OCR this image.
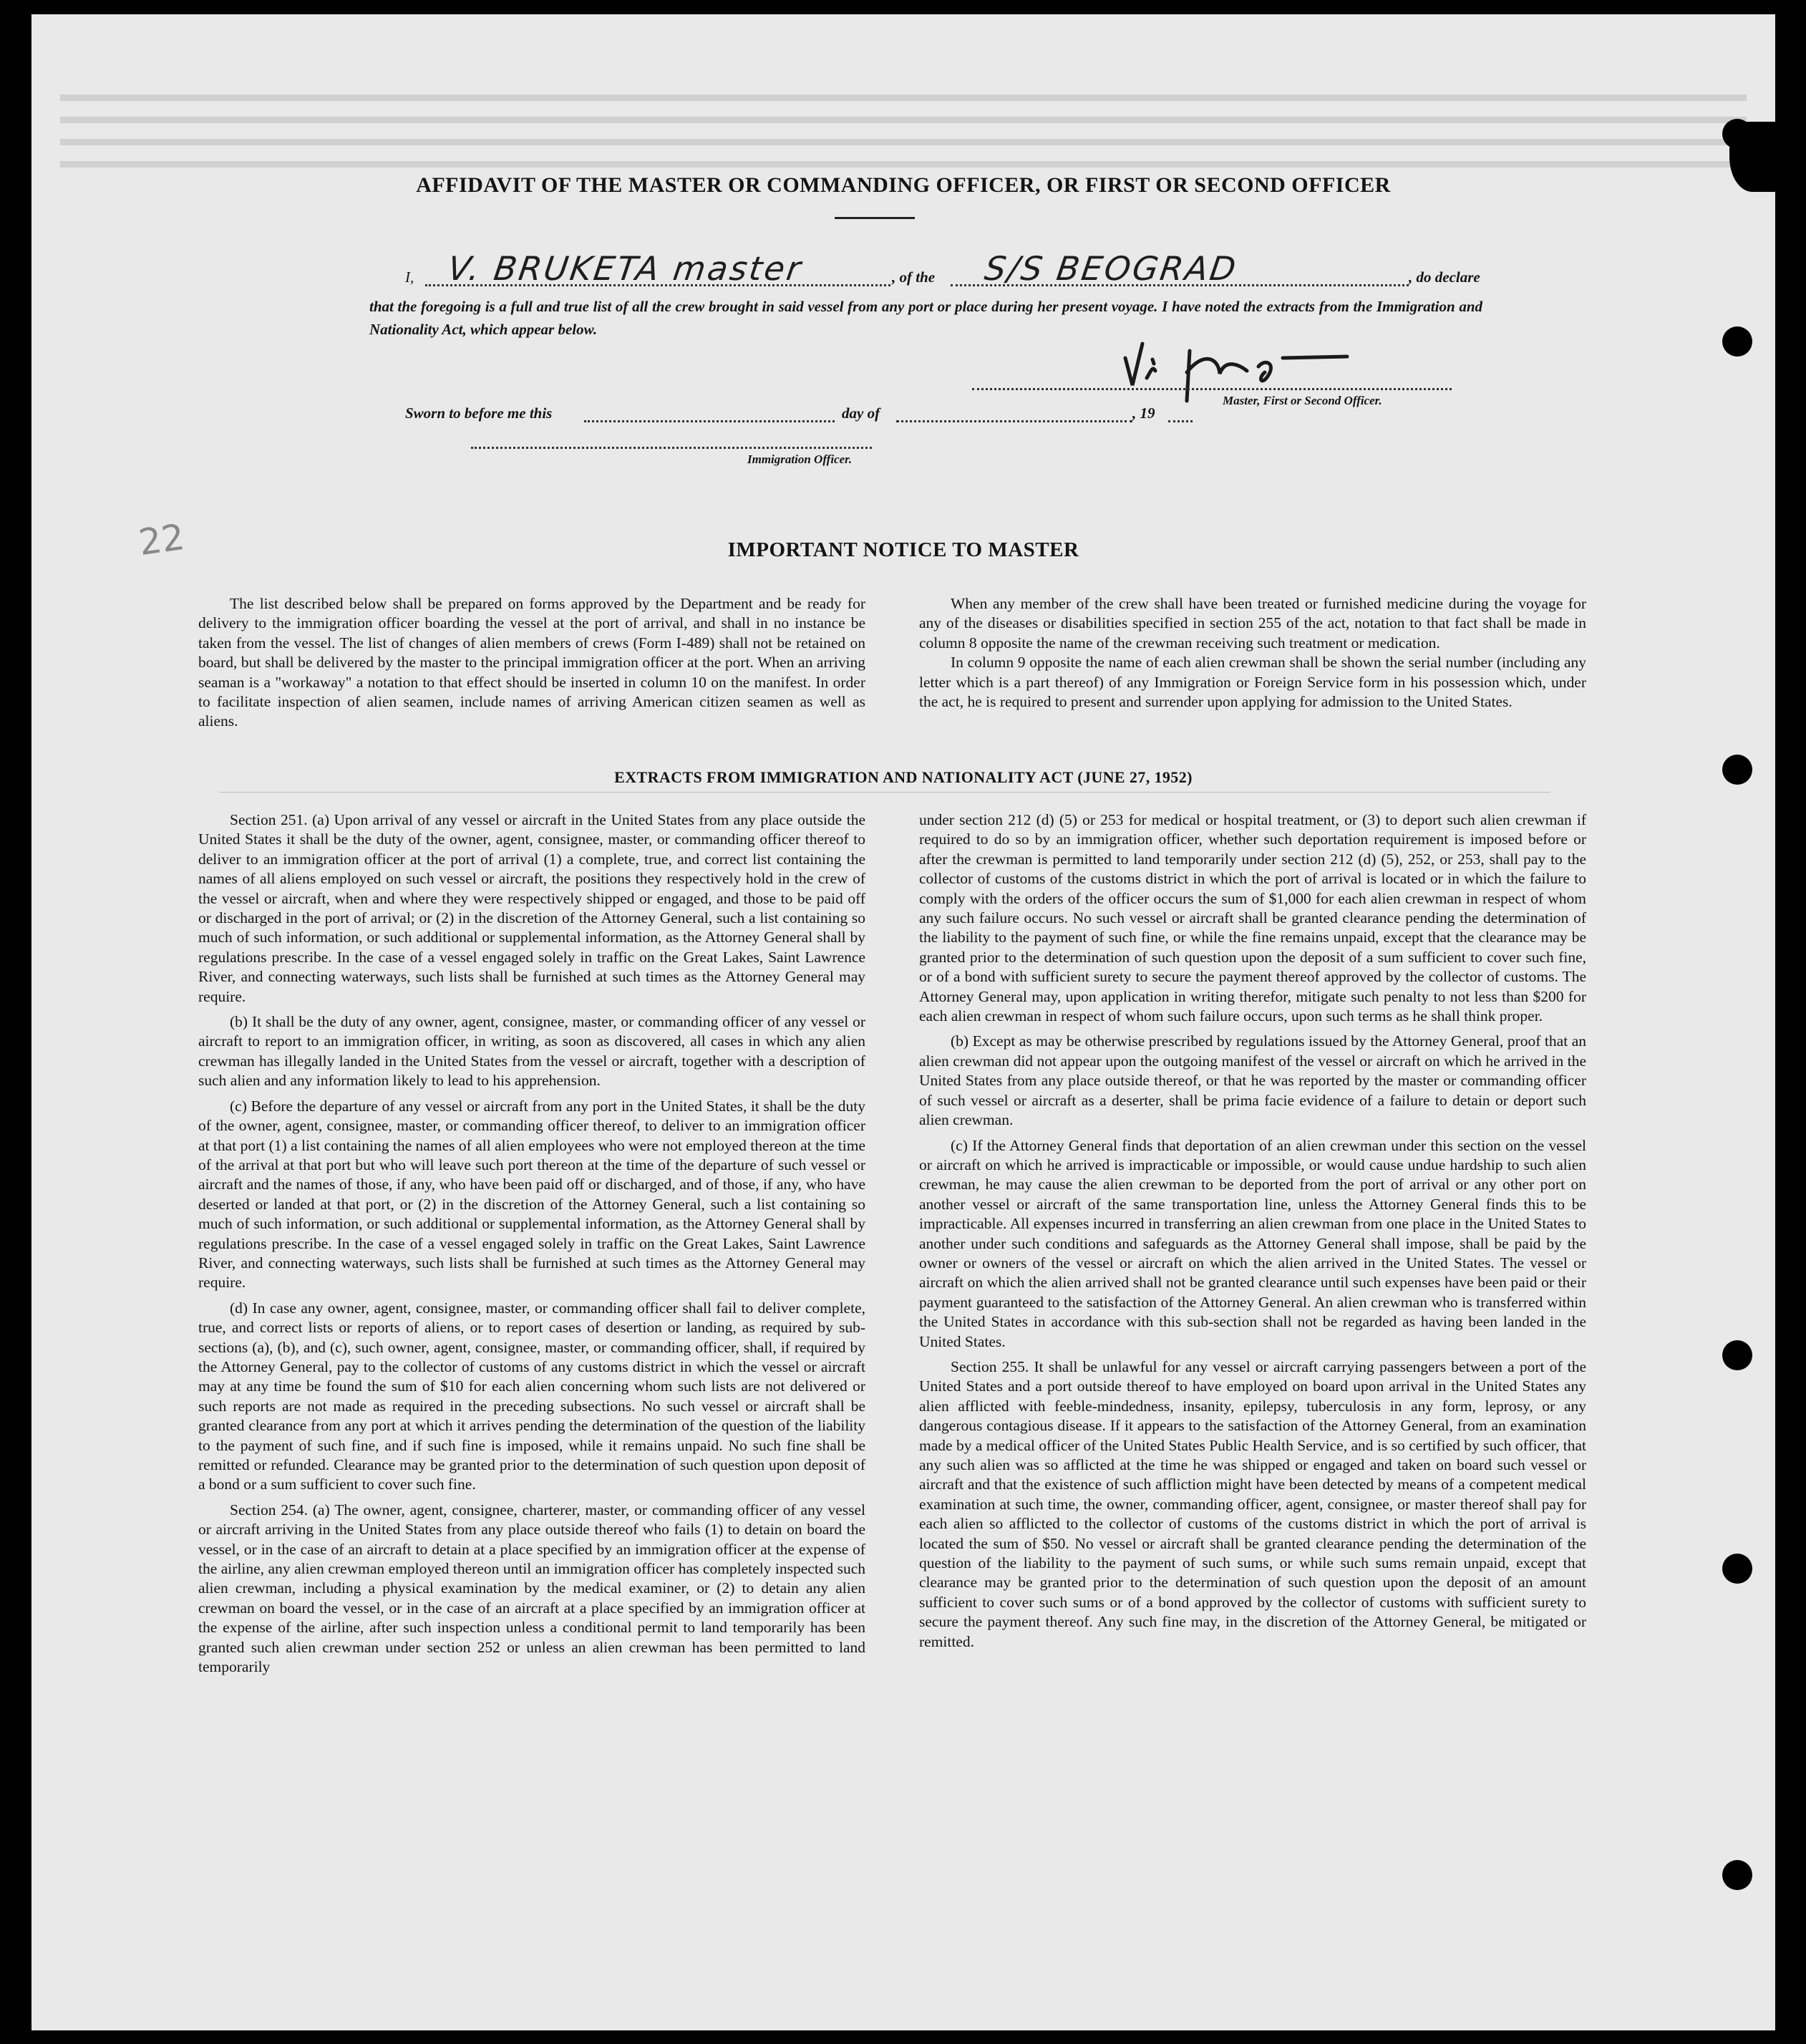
22
AFFIDAVIT OF THE MASTER OR COMMANDING OFFICER, OR FIRST OR SECOND OFFICER
I, V. BRUKETA master	, of the S/S BEOGRAD	, do declare
that the foregoing is a full and true list of all the crew brought in said vessel from any port or place during her present voyage. I have noted the extracts from the Immigration and Nationality Act, which appear below.
Master, First or Second Officer.
Sworn to before me this	day of	, 19
Immigration Officer.
IMPORTANT NOTICE TO MASTER

The list described below shall be prepared on forms approved by the Department and be ready for delivery to the immigration officer boarding the vessel at the port of arrival, and shall in no instance be taken from the vessel. The list of changes of alien members of crews (Form I-489) shall not be retained on board, but shall be delivered by the master to the principal immigration officer at the port. When an arriving seaman is a "workaway" a notation to that effect should be inserted in column 10 on the manifest. In order to facilitate inspection of alien seamen, include names of arriving American citizen seamen as well as aliens.

When any member of the crew shall have been treated or furnished medicine during the voyage for any of the diseases or disabilities specified in section 255 of the act, notation to that fact shall be made in column 8 opposite the name of the crewman receiving such treatment or medication.

In column 9 opposite the name of each alien crewman shall be shown the serial number (including any letter which is a part thereof) of any Immigration or Foreign Service form in his possession which, under the act, he is required to present and surrender upon applying for admission to the United States.

EXTRACTS FROM IMMIGRATION AND NATIONALITY ACT (JUNE 27, 1952)

Section 251. (a) Upon arrival of any vessel or aircraft in the United States from any place outside the United States it shall be the duty of the owner, agent, consignee, master, or commanding officer thereof to deliver to an immigration officer at the port of arrival (1) a complete, true, and correct list containing the names of all aliens employed on such vessel or aircraft, the positions they respectively hold in the crew of the vessel or aircraft, when and where they were respectively shipped or engaged, and those to be paid off or discharged in the port of arrival; or (2) in the discretion of the Attorney General, such a list containing so much of such information, or such additional or supplemental information, as the Attorney General shall by regulations prescribe. In the case of a vessel engaged solely in traffic on the Great Lakes, Saint Lawrence River, and connecting waterways, such lists shall be furnished at such times as the Attorney General may require.

(b) It shall be the duty of any owner, agent, consignee, master, or commanding officer of any vessel or aircraft to report to an immigration officer, in writing, as soon as discovered, all cases in which any alien crewman has illegally landed in the United States from the vessel or aircraft, together with a description of such alien and any information likely to lead to his apprehension.

(c) Before the departure of any vessel or aircraft from any port in the United States, it shall be the duty of the owner, agent, consignee, master, or commanding officer thereof, to deliver to an immigration officer at that port (1) a list containing the names of all alien employees who were not employed thereon at the time of the arrival at that port but who will leave such port thereon at the time of the departure of such vessel or aircraft and the names of those, if any, who have been paid off or discharged, and of those, if any, who have deserted or landed at that port, or (2) in the discretion of the Attorney General, such a list containing so much of such information, or such additional or supplemental information, as the Attorney General shall by regulations prescribe. In the case of a vessel engaged solely in traffic on the Great Lakes, Saint Lawrence River, and connecting waterways, such lists shall be furnished at such times as the Attorney General may require.

(d) In case any owner, agent, consignee, master, or commanding officer shall fail to deliver complete, true, and correct lists or reports of aliens, or to report cases of desertion or landing, as required by sub-sections (a), (b), and (c), such owner, agent, consignee, master, or commanding officer, shall, if required by the Attorney General, pay to the collector of customs of any customs district in which the vessel or aircraft may at any time be found the sum of $10 for each alien concerning whom such lists are not delivered or such reports are not made as required in the preceding subsections. No such vessel or aircraft shall be granted clearance from any port at which it arrives pending the determination of the question of the liability to the payment of such fine, and if such fine is imposed, while it remains unpaid. No such fine shall be remitted or refunded. Clearance may be granted prior to the determination of such question upon deposit of a bond or a sum sufficient to cover such fine.

Section 254. (a) The owner, agent, consignee, charterer, master, or commanding officer of any vessel or aircraft arriving in the United States from any place outside thereof who fails (1) to detain on board the vessel, or in the case of an aircraft to detain at a place specified by an immigration officer at the expense of the airline, any alien crewman employed thereon until an immigration officer has completely inspected such alien crewman, including a physical examination by the medical examiner, or (2) to detain any alien crewman on board the vessel, or in the case of an aircraft at a place specified by an immigration officer at the expense of the airline, after such inspection unless a conditional permit to land temporarily has been granted such alien crewman under section 252 or unless an alien crewman has been permitted to land temporarily

under section 212 (d) (5) or 253 for medical or hospital treatment, or (3) to deport such alien crewman if required to do so by an immigration officer, whether such deportation requirement is imposed before or after the crewman is permitted to land temporarily under section 212 (d) (5), 252, or 253, shall pay to the collector of customs of the customs district in which the port of arrival is located or in which the failure to comply with the orders of the officer occurs the sum of $1,000 for each alien crewman in respect of whom any such failure occurs. No such vessel or aircraft shall be granted clearance pending the determination of the liability to the payment of such fine, or while the fine remains unpaid, except that the clearance may be granted prior to the determination of such question upon the deposit of a sum sufficient to cover such fine, or of a bond with sufficient surety to secure the payment thereof approved by the collector of customs. The Attorney General may, upon application in writing therefor, mitigate such penalty to not less than $200 for each alien crewman in respect of whom such failure occurs, upon such terms as he shall think proper.

(b) Except as may be otherwise prescribed by regulations issued by the Attorney General, proof that an alien crewman did not appear upon the outgoing manifest of the vessel or aircraft on which he arrived in the United States from any place outside thereof, or that he was reported by the master or commanding officer of such vessel or aircraft as a deserter, shall be prima facie evidence of a failure to detain or deport such alien crewman.

(c) If the Attorney General finds that deportation of an alien crewman under this section on the vessel or aircraft on which he arrived is impracticable or impossible, or would cause undue hardship to such alien crewman, he may cause the alien crewman to be deported from the port of arrival or any other port on another vessel or aircraft of the same transportation line, unless the Attorney General finds this to be impracticable. All expenses incurred in transferring an alien crewman from one place in the United States to another under such conditions and safeguards as the Attorney General shall impose, shall be paid by the owner or owners of the vessel or aircraft on which the alien arrived in the United States. The vessel or aircraft on which the alien arrived shall not be granted clearance until such expenses have been paid or their payment guaranteed to the satisfaction of the Attorney General. An alien crewman who is transferred within the United States in accordance with this sub-section shall not be regarded as having been landed in the United States.

Section 255. It shall be unlawful for any vessel or aircraft carrying passengers between a port of the United States and a port outside thereof to have employed on board upon arrival in the United States any alien afflicted with feeble-mindedness, insanity, epilepsy, tuberculosis in any form, leprosy, or any dangerous contagious disease. If it appears to the satisfaction of the Attorney General, from an examination made by a medical officer of the United States Public Health Service, and is so certified by such officer, that any such alien was so afflicted at the time he was shipped or engaged and taken on board such vessel or aircraft and that the existence of such affliction might have been detected by means of a competent medical examination at such time, the owner, commanding officer, agent, consignee, or master thereof shall pay for each alien so afflicted to the collector of customs of the customs district in which the port of arrival is located the sum of $50. No vessel or aircraft shall be granted clearance pending the determination of the question of the liability to the payment of such sums, or while such sums remain unpaid, except that clearance may be granted prior to the determination of such question upon the deposit of an amount sufficient to cover such sums or of a bond approved by the collector of customs with sufficient surety to secure the payment thereof. Any such fine may, in the discretion of the Attorney General, be mitigated or remitted.
